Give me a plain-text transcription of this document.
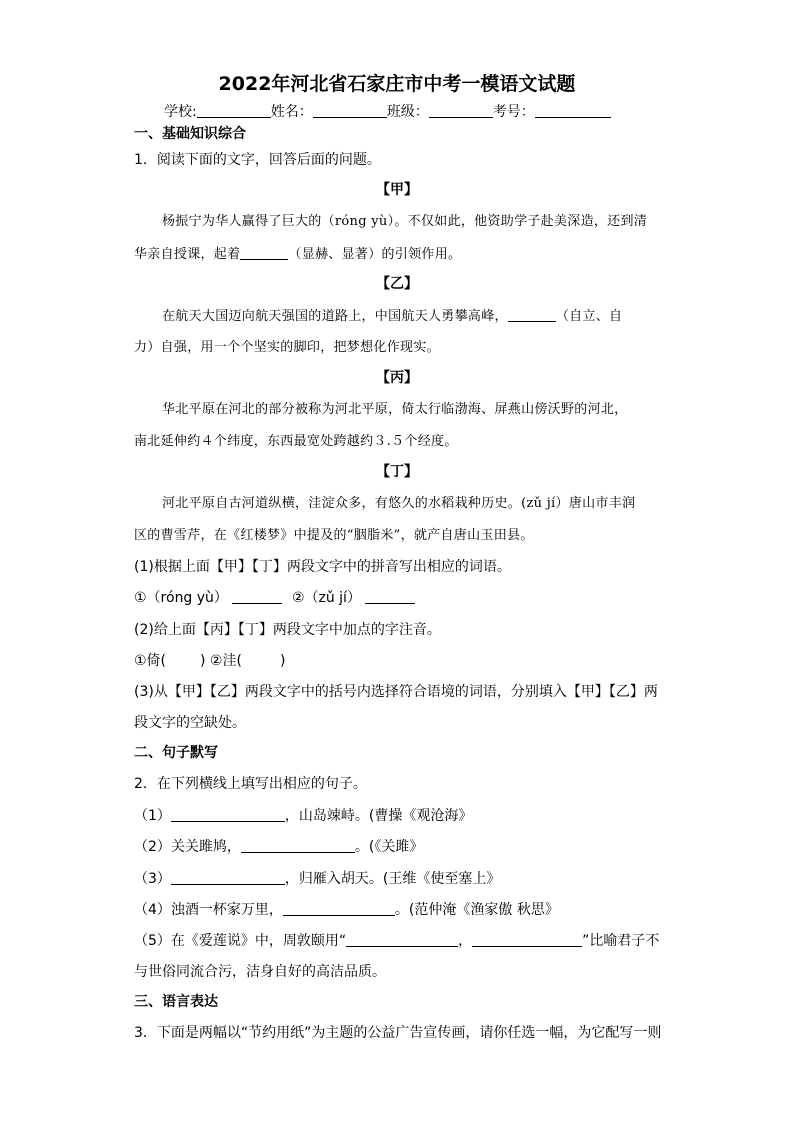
2022年河北省石家庄市中考一模语文试题
学校:	姓名：	班级：	考号：
一、基础知识综合
1．阅读下面的文字，回答后面的问题。
【甲】
杨振宁为华人赢得了巨大的（róng yù）。不仅如此，他资助学子赴美深造，还到清
华亲自授课，起着	（显赫、显著）的引领作用。
【乙】
在航天大国迈向航天强国的道路上，中国航天人勇攀高峰，	（自立、自
力）自强，用一个个坚实的脚印，把梦想化作现实。
【丙】
华北平原在河北的部分被称为河北平原，倚太行临渤海、屏燕山傍沃野的河北，
南北延伸约４个纬度，东西最宽处跨越约３.５个经度。
【丁】
河北平原自古河道纵横，洼淀众多，有悠久的水稻栽种历史。(zǔ jí）唐山市丰润
区的曹雪芹，在《红楼梦》中提及的“胭脂米”，就产自唐山玉田县。
(1)根据上面【甲】【丁】两段文字中的拼音写出相应的词语。
①（róng yù）	②（zǔ jí）
(2)给上面【丙】【丁】两段文字中加点的字注音。
①倚( ) ②洼(	)
(3)从【甲】【乙】两段文字中的括号内选择符合语境的词语，分别填入【甲】【乙】两
段文字的空缺处。
二、句子默写
2．在下列横线上填写出相应的句子。
（1）	，山岛竦峙。(曹操《观沧海》
（2）关关雎鸠，	。(《关雎》
（3）	，归雁入胡天。(王维《使至塞上》
（4）浊酒一杯家万里，	。(范仲淹《渔家傲 秋思》
（5）在《爱莲说》中，周敦颐用“	，	”比喻君子不
与世俗同流合污，洁身自好的高洁品质。
三、语言表达
3．下面是两幅以“节约用纸”为主题的公益广告宣传画，请你任选一幅，为它配写一则
